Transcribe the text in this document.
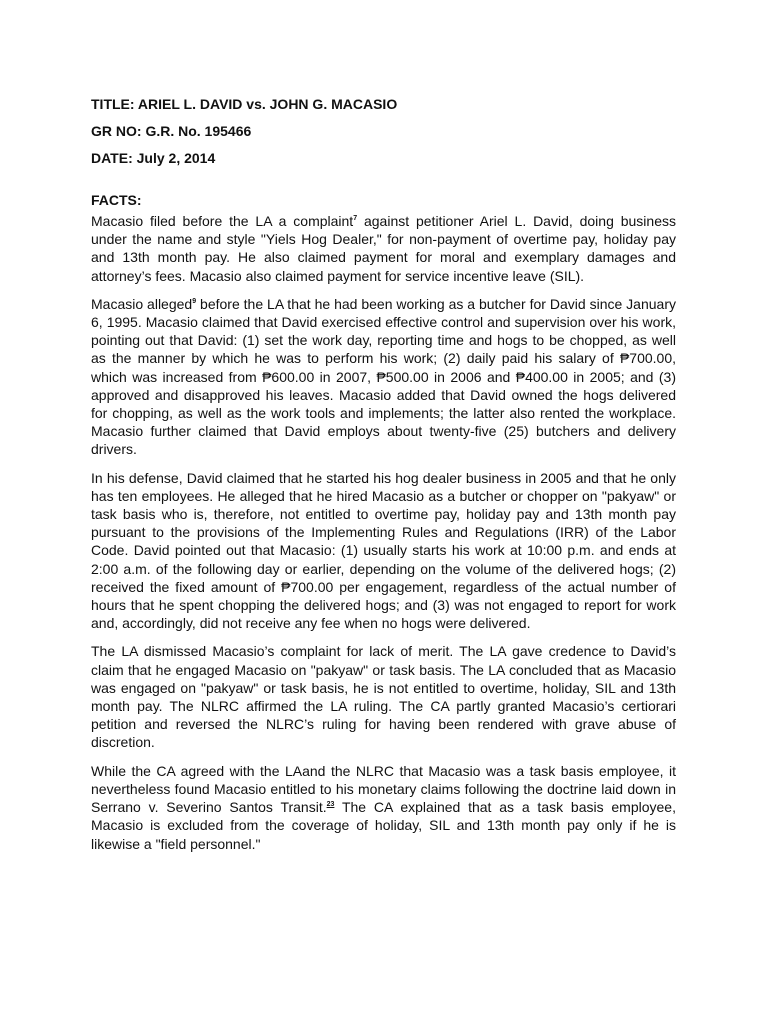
TITLE: ARIEL L. DAVID vs. JOHN G. MACASIO
GR NO: G.R. No. 195466
DATE: July 2, 2014
FACTS:

Macasio filed before the LA a complaint$^7$ against petitioner Ariel L. David, doing business under the name and style "Yiels Hog Dealer," for non-payment of overtime pay, holiday pay and 13th month pay. He also claimed payment for moral and exemplary damages and attorney’s fees. Macasio also claimed payment for service incentive leave (SIL).

Macasio alleged$^9$ before the LA that he had been working as a butcher for David since January 6, 1995. Macasio claimed that David exercised effective control and supervision over his work, pointing out that David: (1) set the work day, reporting time and hogs to be chopped, as well as the manner by which he was to perform his work; (2) daily paid his salary of ₱700.00, which was increased from ₱600.00 in 2007, ₱500.00 in 2006 and ₱400.00 in 2005; and (3) approved and disapproved his leaves. Macasio added that David owned the hogs delivered for chopping, as well as the work tools and implements; the latter also rented the workplace. Macasio further claimed that David employs about twenty-five (25) butchers and delivery drivers.

In his defense, David claimed that he started his hog dealer business in 2005 and that he only has ten employees. He alleged that he hired Macasio as a butcher or chopper on "pakyaw" or task basis who is, therefore, not entitled to overtime pay, holiday pay and 13th month pay pursuant to the provisions of the Implementing Rules and Regulations (IRR) of the Labor Code. David pointed out that Macasio: (1) usually starts his work at 10:00 p.m. and ends at 2:00 a.m. of the following day or earlier, depending on the volume of the delivered hogs; (2) received the fixed amount of ₱700.00 per engagement, regardless of the actual number of hours that he spent chopping the delivered hogs; and (3) was not engaged to report for work and, accordingly, did not receive any fee when no hogs were delivered.

The LA dismissed Macasio’s complaint for lack of merit. The LA gave credence to David’s claim that he engaged Macasio on "pakyaw" or task basis. The LA concluded that as Macasio was engaged on "pakyaw" or task basis, he is not entitled to overtime, holiday, SIL and 13th month pay. The NLRC affirmed the LA ruling. The CA partly granted Macasio’s certiorari petition and reversed the NLRC’s ruling for having been rendered with grave abuse of discretion.

While the CA agreed with the LAand the NLRC that Macasio was a task basis employee, it nevertheless found Macasio entitled to his monetary claims following the doctrine laid down in Serrano v. Severino Santos Transit.$^{23}$ The CA explained that as a task basis employee, Macasio is excluded from the coverage of holiday, SIL and 13th month pay only if he is likewise a "field personnel."
